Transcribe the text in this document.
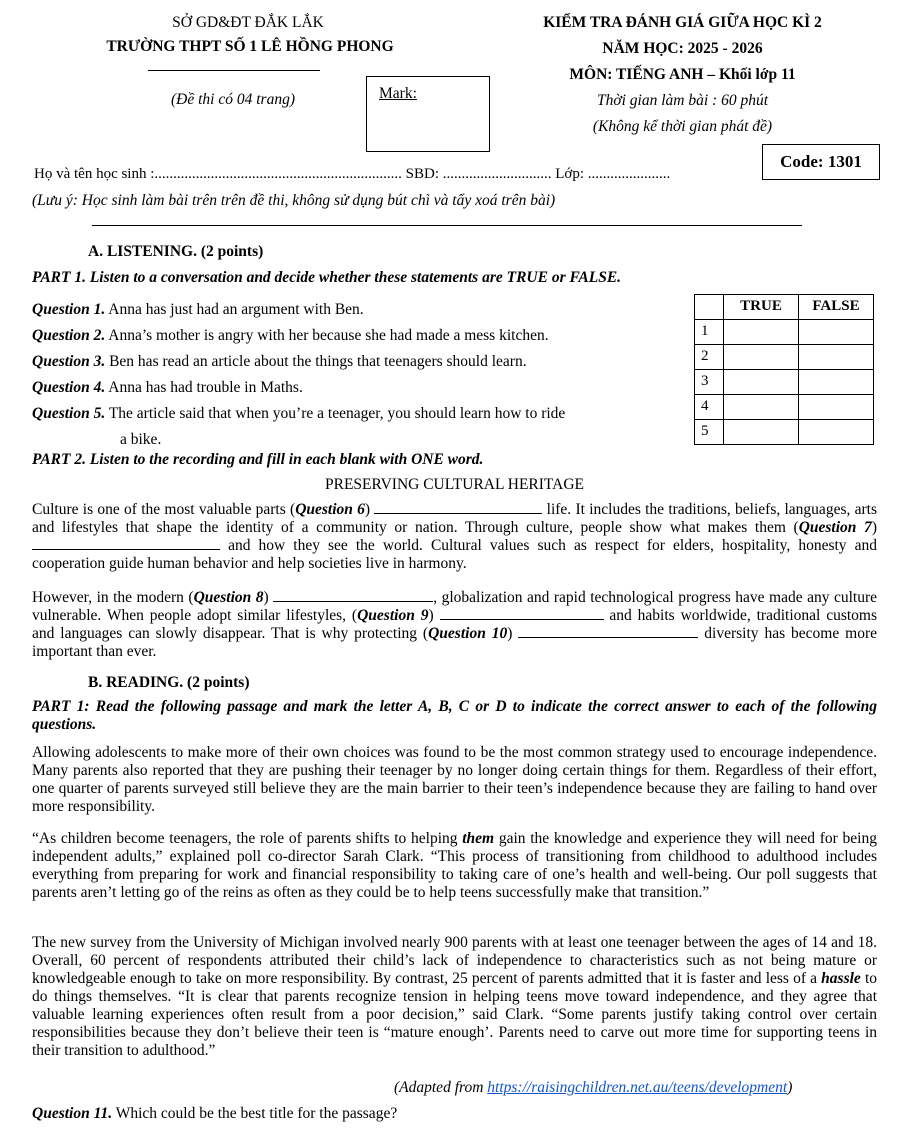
SỞ GD&ĐT ĐẮK LẮK
TRƯỜNG THPT SỐ 1 LÊ HỒNG PHONG
(Đề thi có 04 trang)	Mark:
KIỂM TRA ĐÁNH GIÁ GIỮA HỌC KÌ 2
NĂM HỌC: 2025 - 2026
MÔN: TIẾNG ANH – Khối lớp 11
Thời gian làm bài : 60 phút
(Không kể thời gian phát đề)
Code: 1301
Họ và tên học sinh :.................................................................. SBD: ............................. Lớp: ......................
(Lưu ý: Học sinh làm bài trên trên đề thi, không sử dụng bút chì và tẩy xoá trên bài)
A. LISTENING. (2 points)
PART 1. Listen to a conversation and decide whether these statements are TRUE or FALSE.
Question 1. Anna has just had an argument with Ben.
Question 2. Anna’s mother is angry with her because she had made a mess kitchen.
Question 3. Ben has read an article about the things that teenagers should learn.
Question 4. Anna has had trouble in Maths.
Question 5. The article said that when you’re a teenager, you should learn how to ride
a bike.
	TRUE	FALSE
1		
2		
3		
4		
5		
PART 2. Listen to the recording and fill in each blank with ONE word.
PRESERVING CULTURAL HERITAGE
Culture is one of the most valuable parts (Question 6)	life. It includes the traditions, beliefs, languages, arts and lifestyles that shape the identity of a community or nation. Through culture, people show what makes them (Question 7)  and how they see the world. Cultural values such as respect for elders, hospitality, honesty and cooperation guide human behavior and help societies live in harmony.
However, in the modern (Question 8)	, globalization and rapid technological progress have made any culture vulnerable. When people adopt similar lifestyles, (Question 9)	and habits worldwide, traditional customs and languages can slowly disappear. That is why protecting (Question 10)	diversity has become more important than ever.
B. READING. (2 points)
PART 1: Read the following passage and mark the letter A, B, C or D to indicate the correct answer to each of the following questions.
Allowing adolescents to make more of their own choices was found to be the most common strategy used to encourage independence. Many parents also reported that they are pushing their teenager by no longer doing certain things for them. Regardless of their effort, one quarter of parents surveyed still believe they are the main barrier to their teen’s independence because they are failing to hand over more responsibility.
“As children become teenagers, the role of parents shifts to helping them gain the knowledge and experience they will need for being independent adults,” explained poll co-director Sarah Clark. “This process of transitioning from childhood to adulthood includes everything from preparing for work and financial responsibility to taking care of one’s health and well-being. Our poll suggests that parents aren’t letting go of the reins as often as they could be to help teens successfully make that transition.”
The new survey from the University of Michigan involved nearly 900 parents with at least one teenager between the ages of 14 and 18. Overall, 60 percent of respondents attributed their child’s lack of independence to characteristics such as not being mature or knowledgeable enough to take on more responsibility. By contrast, 25 percent of parents admitted that it is faster and less of a hassle to do things themselves. “It is clear that parents recognize tension in helping teens move toward independence, and they agree that valuable learning experiences often result from a poor decision,” said Clark. “Some parents justify taking control over certain responsibilities because they don’t believe their teen is “mature enough’. Parents need to carve out more time for supporting teens in their transition to adulthood.”
(Adapted from https://raisingchildren.net.au/teens/development)
Question 11. Which could be the best title for the passage?
